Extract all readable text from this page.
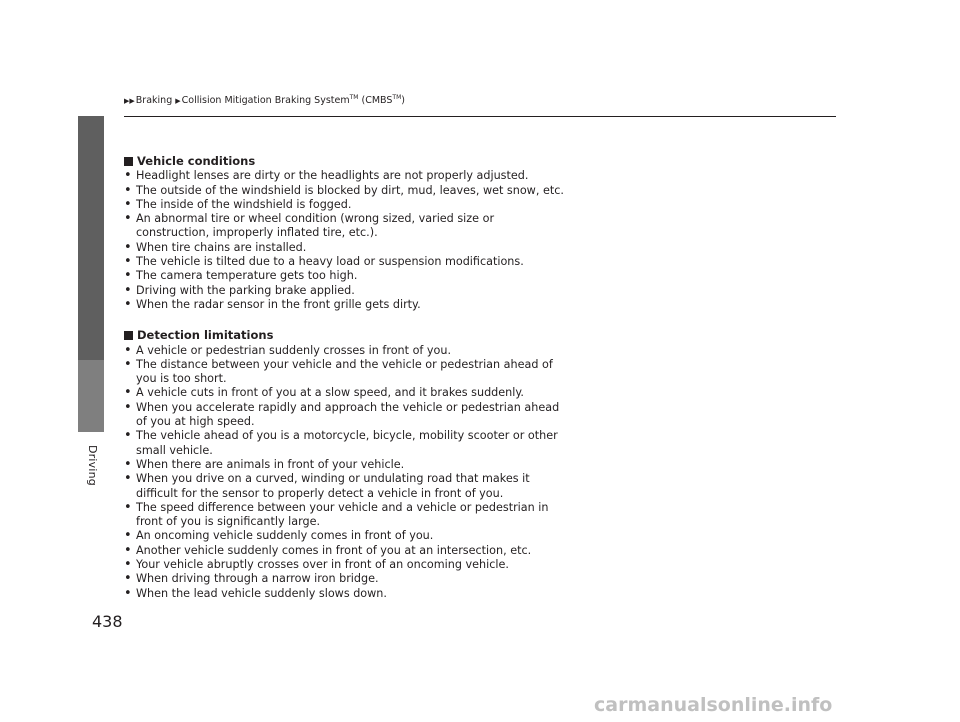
Driving
▶▶Braking ▶Collision Mitigation Braking System™ (CMBS™)
Vehicle conditions
• Headlight lenses are dirty or the headlights are not properly adjusted.
• The outside of the windshield is blocked by dirt, mud, leaves, wet snow, etc.
• The inside of the windshield is fogged.
• An abnormal tire or wheel condition (wrong sized, varied size or construction, improperly inflated tire, etc.).
• When tire chains are installed.
• The vehicle is tilted due to a heavy load or suspension modifications.
• The camera temperature gets too high.
• Driving with the parking brake applied.
• When the radar sensor in the front grille gets dirty.
Detection limitations
• A vehicle or pedestrian suddenly crosses in front of you.
• The distance between your vehicle and the vehicle or pedestrian ahead of you is too short.
• A vehicle cuts in front of you at a slow speed, and it brakes suddenly.
• When you accelerate rapidly and approach the vehicle or pedestrian ahead of you at high speed.
• The vehicle ahead of you is a motorcycle, bicycle, mobility scooter or other small vehicle.
• When there are animals in front of your vehicle.
• When you drive on a curved, winding or undulating road that makes it difficult for the sensor to properly detect a vehicle in front of you.
• The speed difference between your vehicle and a vehicle or pedestrian in front of you is significantly large.
• An oncoming vehicle suddenly comes in front of you.
• Another vehicle suddenly comes in front of you at an intersection, etc.
• Your vehicle abruptly crosses over in front of an oncoming vehicle.
• When driving through a narrow iron bridge.
• When the lead vehicle suddenly slows down.
438
carmanualsonline.info
